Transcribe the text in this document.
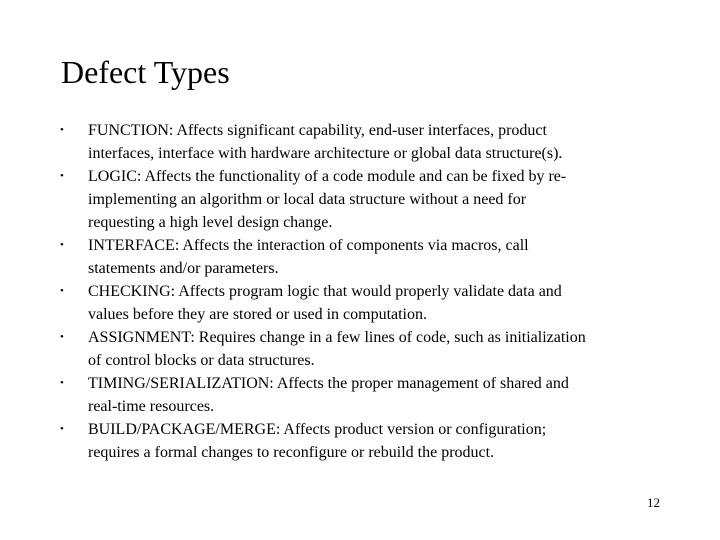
Defect Types
•	FUNCTION: Affects significant capability, end-user interfaces, product
interfaces, interface with hardware architecture or global data structure(s).
•	LOGIC: Affects the functionality of a code module and can be fixed by re-
implementing an algorithm or local data structure without a need for
requesting a high level design change.
•	INTERFACE: Affects the interaction of components via macros, call
statements and/or parameters.
•	CHECKING: Affects program logic that would properly validate data and
values before they are stored or used in computation.
•	ASSIGNMENT: Requires change in a few lines of code, such as initialization
of control blocks or data structures.
•	TIMING/SERIALIZATION: Affects the proper management of shared and
real-time resources.
•	BUILD/PACKAGE/MERGE: Affects product version or configuration;
requires a formal changes to reconfigure or rebuild the product.
12
